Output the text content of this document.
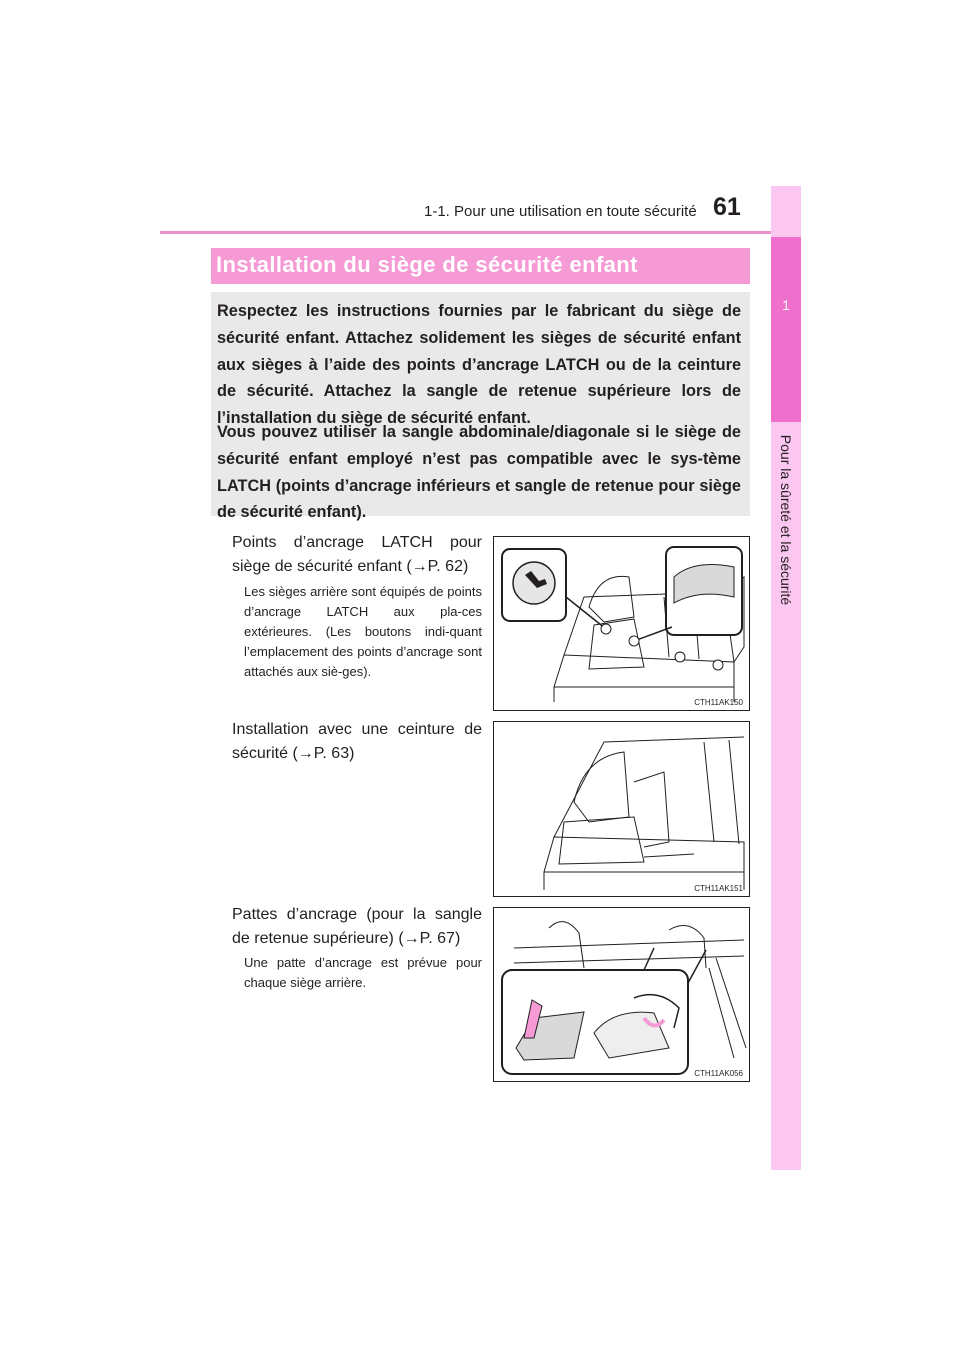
1-1. Pour une utilisation en toute sécurité 61
1
Pour la sûreté et la sécurité
Installation du siège de sécurité enfant

Respectez les instructions fournies par le fabricant du siège de sécurité enfant. Attachez solidement les sièges de sécurité enfant aux sièges à l’aide des points d’ancrage LATCH ou de la ceinture de sécurité. Attachez la sangle de retenue supérieure lors de l’installation du siège de sécurité enfant.

Vous pouvez utiliser la sangle abdominale/diagonale si le siège de sécurité enfant employé n’est pas compatible avec le sys-tème LATCH (points d’ancrage inférieurs et sangle de retenue pour siège de sécurité enfant).

Points d’ancrage LATCH pour siège de sécurité enfant (→P. 62)

Les sièges arrière sont équipés de points d’ancrage LATCH aux pla-ces extérieures. (Les boutons indi-quant l’emplacement des points d’ancrage sont attachés aux siè-ges).

CTH11AK150

Installation avec une ceinture de sécurité (→P. 63)

CTH11AK151

Pattes d’ancrage (pour la sangle de retenue supérieure) (→P. 67)

Une patte d’ancrage est prévue pour chaque siège arrière.

CTH11AK056
